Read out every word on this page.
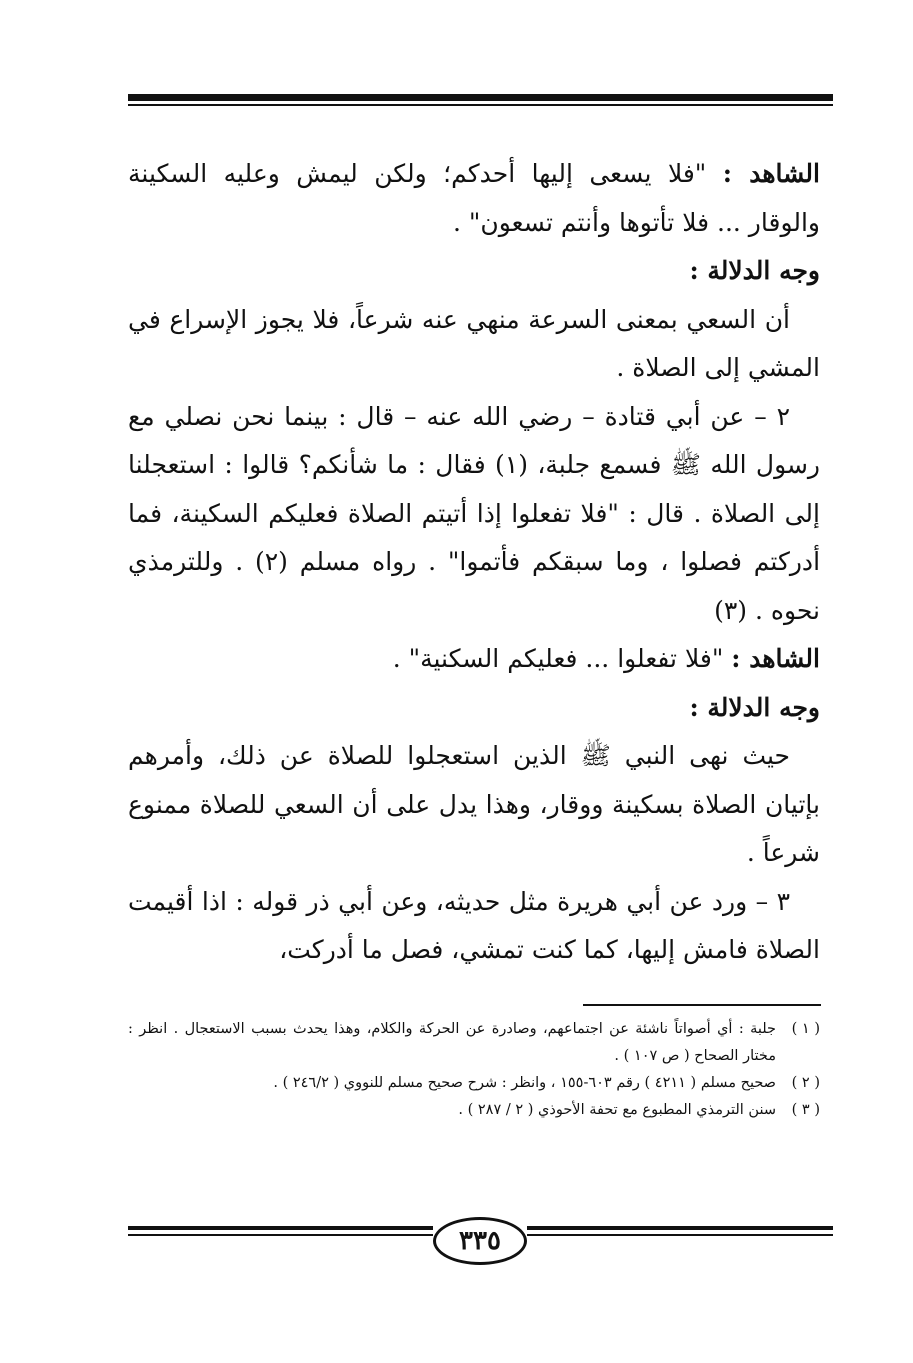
الشاهد : "فلا يسعى إليها أحدكم؛ ولكن ليمش وعليه السكينة والوقار ... فلا تأتوها وأنتم تسعون" .

وجه الدلالة :

أن السعي بمعنى السرعة منهي عنه شرعاً، فلا يجوز الإسراع في المشي إلى الصلاة .

٢ – عن أبي قتادة – رضي الله عنه – قال : بينما نحن نصلي مع رسول الله ﷺ فسمع جلبة، (١) فقال : ما شأنكم؟ قالوا : استعجلنا إلى الصلاة . قال : "فلا تفعلوا إذا أتيتم الصلاة فعليكم السكينة، فما أدركتم فصلوا ، وما سبقكم فأتموا" . رواه مسلم (٢) . وللترمذي نحوه . (٣)

الشاهد : "فلا تفعلوا ... فعليكم السكنية" .

وجه الدلالة :

حيث نهى النبي ﷺ الذين استعجلوا للصلاة عن ذلك، وأمرهم بإتيان الصلاة بسكينة ووقار، وهذا يدل على أن السعي للصلاة ممنوع شرعاً .

٣ – ورد عن أبي هريرة مثل حديثه، وعن أبي ذر قوله : اذا أقيمت الصلاة فامش إليها، كما كنت تمشي، فصل ما أدركت،

( ١ )
جلبة : أي أصواتاً ناشئة عن اجتماعهم، وصادرة عن الحركة والكلام، وهذا يحدث بسبب الاستعجال . انظر : مختار الصحاح ( ص ١٠٧ ) .
( ٢ )
صحيح مسلم ( ٤٢١١ ) رقم ٦٠٣-١٥٥ ، وانظر : شرح صحيح مسلم للنووي ( ٢٤٦/٢ ) .
( ٣ )
سنن الترمذي المطبوع مع تحفة الأحوذي ( ٢ / ٢٨٧ ) .
٣٣٥
